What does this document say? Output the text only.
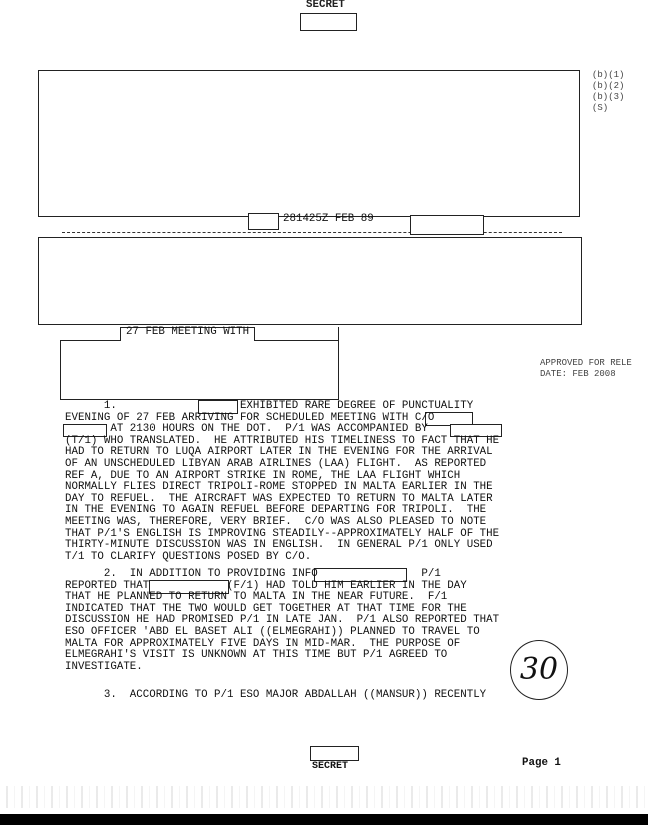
SECRET
(b)(1)
(b)(2)
(b)(3)
(S)
281425Z FEB 89
27 FEB MEETING WITH
APPROVED FOR RELE
DATE: FEB 2008
1.                   EXHIBITED RARE DEGREE OF PUNCTUALITY
EVENING OF 27 FEB ARRIVING FOR SCHEDULED MEETING WITH C/O
AT 2130 HOURS ON THE DOT.  P/1 WAS ACCOMPANIED BY
(T/1) WHO TRANSLATED.  HE ATTRIBUTED HIS TIMELINESS TO FACT THAT HE
HAD TO RETURN TO LUQA AIRPORT LATER IN THE EVENING FOR THE ARRIVAL
OF AN UNSCHEDULED LIBYAN ARAB AIRLINES (LAA) FLIGHT.  AS REPORTED
REF A, DUE TO AN AIRPORT STRIKE IN ROME, THE LAA FLIGHT WHICH
NORMALLY FLIES DIRECT TRIPOLI-ROME STOPPED IN MALTA EARLIER IN THE
DAY TO REFUEL.  THE AIRCRAFT WAS EXPECTED TO RETURN TO MALTA LATER
IN THE EVENING TO AGAIN REFUEL BEFORE DEPARTING FOR TRIPOLI.  THE
MEETING WAS, THEREFORE, VERY BRIEF.  C/O WAS ALSO PLEASED TO NOTE
THAT P/1'S ENGLISH IS IMPROVING STEADILY--APPROXIMATELY HALF OF THE
THIRTY-MINUTE DISCUSSION WAS IN ENGLISH.  IN GENERAL P/1 ONLY USED
T/1 TO CLARIFY QUESTIONS POSED BY C/O.
2.  IN ADDITION TO PROVIDING INFO                P/1
REPORTED THAT            (F/1) HAD TOLD HIM EARLIER IN THE DAY
THAT HE PLANNED TO RETURN TO MALTA IN THE NEAR FUTURE.  F/1
INDICATED THAT THE TWO WOULD GET TOGETHER AT THAT TIME FOR THE
DISCUSSION HE HAD PROMISED P/1 IN LATE JAN.  P/1 ALSO REPORTED THAT
ESO OFFICER 'ABD EL BASET ALI ((ELMEGRAHI)) PLANNED TO TRAVEL TO
MALTA FOR APPROXIMATELY FIVE DAYS IN MID-MAR.  THE PURPOSE OF
ELMEGRAHI'S VISIT IS UNKNOWN AT THIS TIME BUT P/1 AGREED TO
INVESTIGATE.
3.  ACCORDING TO P/1 ESO MAJOR ABDALLAH ((MANSUR)) RECENTLY
30
SECRET	Page 1
